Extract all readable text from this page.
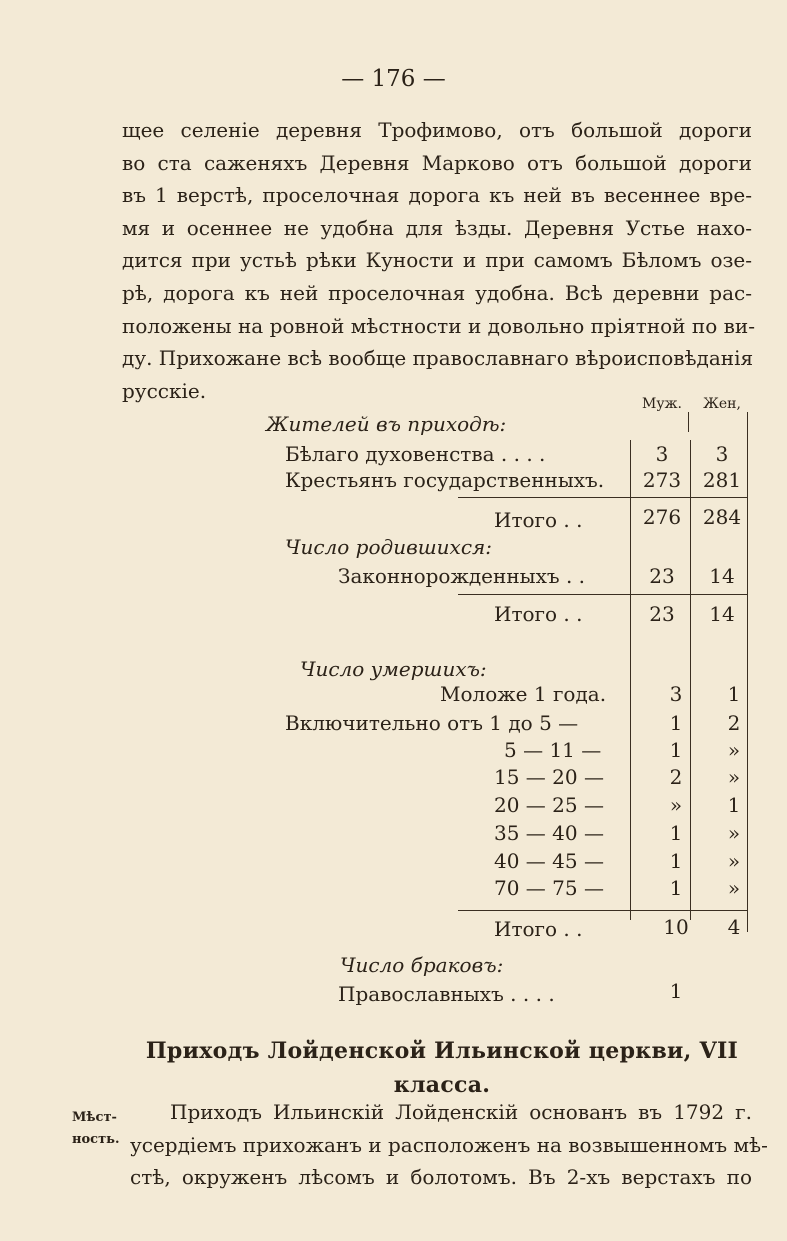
— 176 —
щее селеніе деревня Трофимово, отъ большой дороги
во ста саженяхъ Деревня Марково отъ большой дороги
въ 1 верстѣ, проселочная дорога къ ней въ весеннее вре-
мя и осеннее не удобна для ѣзды. Деревня Устье нахо-
дится при устьѣ рѣки Куности и при самомъ Бѣломъ озе-
рѣ, дорога къ ней проселочная удобна. Всѣ деревни рас-
положены на ровной мѣстности и довольно пріятной по ви-
ду. Прихожане всѣ вообще православнаго вѣроисповѣданія
русскіе.
Муж.	Жен,
Жителей въ приходѣ:
Бѣлаго духовенства . . . .	3	3
Крестьянъ государственныхъ.	273	281
Итого . .	276	284
Число родившихся:
Законнорожденныхъ . .	23	14
Итого . .	23	14
Число умершихъ:
Моложе 1 года.	3	1
Включительно отъ 1 до 5 —	1	2
5 — 11 —	1	»
15 — 20 —	2	»
20 — 25 —	»	1
35 — 40 —	1	»
40 — 45 —	1	»
70 — 75 —	1	»
Итого . .	10	4
Число браковъ:
Православныхъ . . . .	1
Приходъ Лойденской Ильинской церкви, VII
класса.
Мѣст-
ность.
Приходъ Ильинскій Лойденскій основанъ въ 1792 г.
усердіемъ прихожанъ и расположенъ на возвышенномъ мѣ-
стѣ, окруженъ лѣсомъ и болотомъ. Въ 2-хъ верстахъ по
